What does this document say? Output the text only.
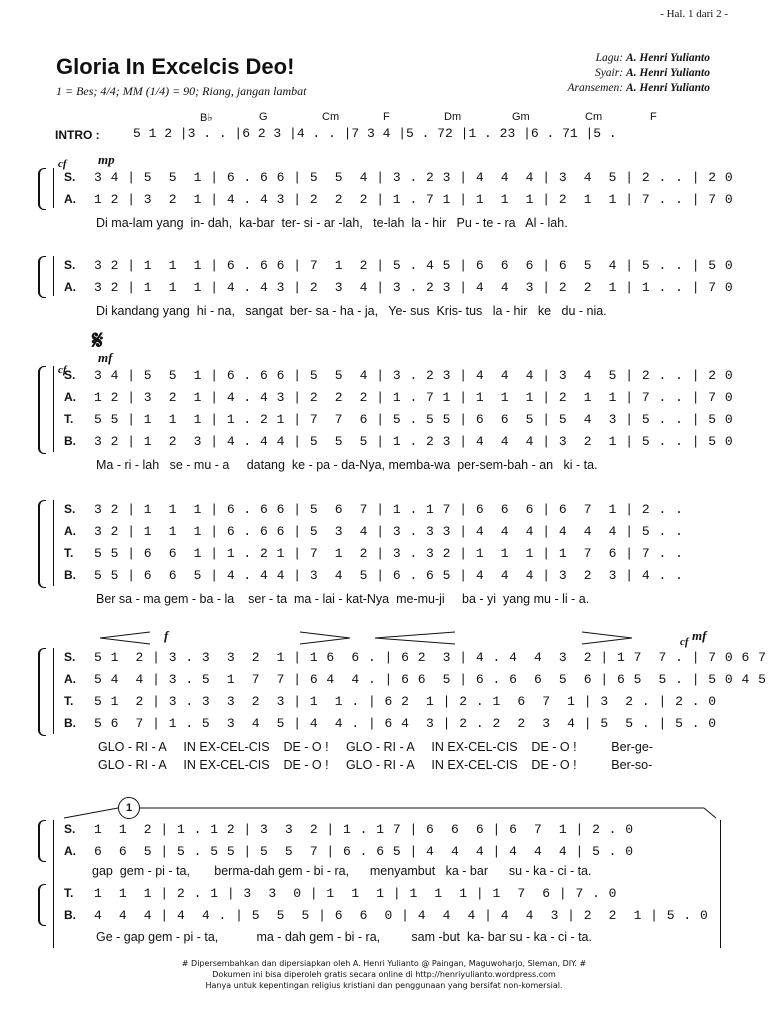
- Hal. 1 dari 2 -
Gloria In Excelcis Deo!
1 = Bes; 4/4; MM (1/4) = 90; Riang, jangan lambat
Lagu: A. Henri Yulianto
Syair: A. Henri Yulianto
Aransemen: A. Henri Yulianto
B♭	G	Cm	F	Dm	Gm	Cm	F
INTRO :	5 1 2 |3 . . |6 2 3 |4 . . |7 3 4 |5 . 72 |1 . 23 |6 . 71 |5 .
cf mp
S.	3 4 | 5  5  1 | 6 . 6 6 | 5  5  4 | 3 . 2 3 | 4  4  4 | 3  4  5 | 2 . . | 2 0
A.	1 2 | 3  2  1 | 4 . 4 3 | 2  2  2 | 1 . 7 1 | 1  1  1 | 2  1  1 | 7 . . | 7 0
Di ma-lam yang  in- dah,  ka-bar  ter- si - ar -lah,   te-lah  la - hir   Pu - te - ra   Al - lah.
S.	3 2 | 1  1  1 | 6 . 6 6 | 7  1  2 | 5 . 4 5 | 6  6  6 | 6  5  4 | 5 . . | 5 0
A.	3 2 | 1  1  1 | 4 . 4 3 | 2  3  4 | 3 . 2 3 | 4  4  3 | 2  2  1 | 1 . . | 7 0
Di kandang yang  hi - na,   sangat  ber- sa - ha - ja,   Ye- sus  Kris- tus   la - hir   ke   du - nia.
𝄋
cf
mf
S.	3 4 | 5  5  1 | 6 . 6 6 | 5  5  4 | 3 . 2 3 | 4  4  4 | 3  4  5 | 2 . . | 2 0
A.	1 2 | 3  2  1 | 4 . 4 3 | 2  2  2 | 1 . 7 1 | 1  1  1 | 2  1  1 | 7 . . | 7 0
T.	5 5 | 1  1  1 | 1 . 2 1 | 7  7  6 | 5 . 5 5 | 6  6  5 | 5  4  3 | 5 . . | 5 0
B.	3 2 | 1  2  3 | 4 . 4 4 | 5  5  5 | 1 . 2 3 | 4  4  4 | 3  2  1 | 5 . . | 5 0
Ma - ri - lah   se - mu - a     datang  ke - pa - da-Nya, memba-wa  per-sem-bah - an   ki - ta.
S.	3 2 | 1  1  1 | 6 . 6 6 | 5  6  7 | 1 . 1 7 | 6  6  6 | 6  7  1 | 2 . .
A.	3 2 | 1  1  1 | 6 . 6 6 | 5  3  4 | 3 . 3 3 | 4  4  4 | 4  4  4 | 5 . .
T.	5 5 | 6  6  1 | 1 . 2 1 | 7  1  2 | 3 . 3 2 | 1  1  1 | 1  7  6 | 7 . .
B.	5 5 | 6  6  5 | 4 . 4 4 | 3  4  5 | 6 . 6 5 | 4  4  4 | 3  2  3 | 4 . .
Ber sa - ma gem - ba - la    ser - ta  ma - lai - kat-Nya  me-mu-ji     ba - yi  yang mu - li - a.
f	cf mf
S.	5 1  2 | 3 . 3  3  2  1 | 1 6  6 . | 6 2  3 | 4 . 4  4  3  2 | 1 7  7 . | 7 0 6 7
A.	5 4  4 | 3 . 5  1  7  7 | 6 4  4 . | 6 6  5 | 6 . 6  6  5  6 | 6 5  5 . | 5 0 4 5
T.	5 1  2 | 3 . 3  3  2  3 | 1  1 . | 6 2  1 | 2 . 1  6  7  1 | 3  2 . | 2 . 0
B.	5 6  7 | 1 . 5  3  4  5 | 4  4 . | 6 4  3 | 2 . 2  2  3  4 | 5  5 . | 5 . 0
GLO - RI - A     IN EX-CEL-CIS    DE - O !     GLO - RI - A     IN EX-CEL-CIS    DE - O !          Ber-ge-
GLO - RI - A     IN EX-CEL-CIS    DE - O !     GLO - RI - A     IN EX-CEL-CIS    DE - O !          Ber-so-
1
S.	1  1  2 | 1 . 1 2 | 3  3  2 | 1 . 1 7 | 6  6  6 | 6  7  1 | 2 . 0
A.	6  6  5 | 5 . 5 5 | 5  5  7 | 6 . 6 5 | 4  4  4 | 4  4  4 | 5 . 0
gap  gem - pi - ta,       berma-dah gem - bi - ra,      menyambut   ka - bar      su - ka - ci - ta.
T.	1  1  1 | 2 . 1 | 3  3  0 | 1  1  1 | 1  1  1 | 1  7  6 | 7 . 0
B.	4  4  4 | 4  4 . | 5  5  5 | 6  6  0 | 4  4  4 | 4  4  3 | 2  2  1 | 5 . 0
Ge - gap gem - pi - ta,           ma - dah gem - bi - ra,         sam -but  ka- bar su - ka - ci - ta.
# Dipersembahkan dan dipersiapkan oleh A. Henri Yulianto @ Paingan, Maguwoharjo, Sleman, DIY. #
Dokumen ini bisa diperoleh gratis secara online di http://henriyulianto.wordpress.com
Hanya untuk kepentingan religius kristiani dan penggunaan yang bersifat non-komersial.
